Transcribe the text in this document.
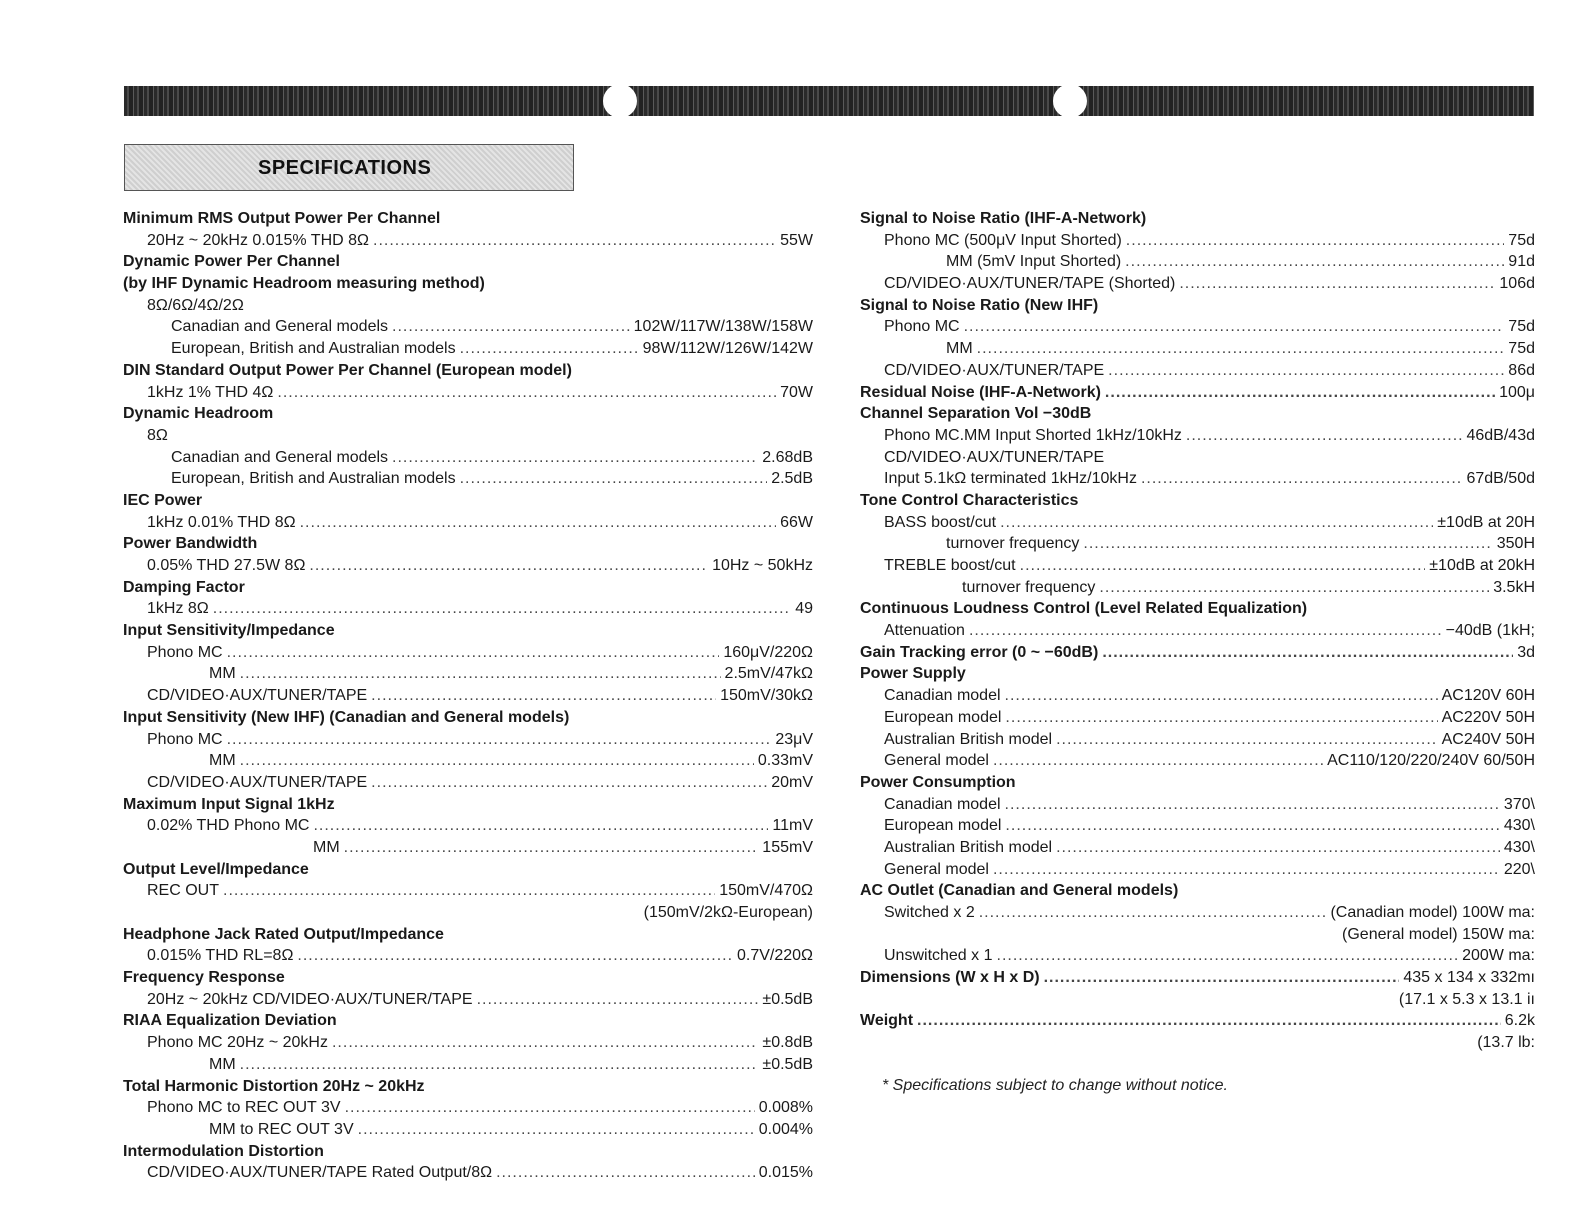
SPECIFICATIONS
Minimum RMS Output Power Per Channel
20Hz ~ 20kHz 0.015% THD 8Ω .....	55W
Dynamic Power Per Channel
(by IHF Dynamic Headroom measuring method)
8Ω/6Ω/4Ω/2Ω
Canadian and General models .....	102W/117W/138W/158W
European, British and Australian models .....	98W/112W/126W/142W
DIN Standard Output Power Per Channel (European model)
1kHz 1% THD 4Ω .....	70W
Dynamic Headroom
8Ω
Canadian and General models .....	2.68dB
European, British and Australian models .....	2.5dB
IEC Power
1kHz 0.01% THD 8Ω .....	66W
Power Bandwidth
0.05% THD 27.5W 8Ω .....	10Hz ~ 50kHz
Damping Factor
1kHz 8Ω .....	49
Input Sensitivity/Impedance
Phono MC .....	160μV/220Ω
MM .....	2.5mV/47kΩ
CD/VIDEO·AUX/TUNER/TAPE .....	150mV/30kΩ
Input Sensitivity (New IHF) (Canadian and General models)
Phono MC .....	23μV
MM .....	0.33mV
CD/VIDEO·AUX/TUNER/TAPE .....	20mV
Maximum Input Signal 1kHz
0.02% THD Phono MC .....	11mV
MM .....	155mV
Output Level/Impedance
REC OUT .....	150mV/470Ω
(150mV/2kΩ-European)
Headphone Jack Rated Output/Impedance
0.015% THD RL=8Ω .....	0.7V/220Ω
Frequency Response
20Hz ~ 20kHz CD/VIDEO·AUX/TUNER/TAPE .....	±0.5dB
RIAA Equalization Deviation
Phono MC 20Hz ~ 20kHz .....	±0.8dB
MM .....	±0.5dB
Total Harmonic Distortion 20Hz ~ 20kHz
Phono MC to REC OUT 3V .....	0.008%
MM to REC OUT 3V .....	0.004%
Intermodulation Distortion
CD/VIDEO·AUX/TUNER/TAPE Rated Output/8Ω .....	0.015%
Signal to Noise Ratio (IHF-A-Network)
Phono MC (500μV Input Shorted) .....	75d
MM (5mV Input Shorted) .....	91d
CD/VIDEO·AUX/TUNER/TAPE (Shorted) .....	106d
Signal to Noise Ratio (New IHF)
Phono MC .....	75d
MM .....	75d
CD/VIDEO·AUX/TUNER/TAPE .....	86d
Residual Noise (IHF-A-Network) .....	100μ
Channel Separation Vol −30dB
Phono MC.MM Input Shorted 1kHz/10kHz .....	46dB/43d
CD/VIDEO·AUX/TUNER/TAPE
Input 5.1kΩ terminated 1kHz/10kHz .....	67dB/50d
Tone Control Characteristics
BASS boost/cut .....	±10dB at 20H
turnover frequency .....	350H
TREBLE boost/cut .....	±10dB at 20kH
turnover frequency .....	3.5kH
Continuous Loudness Control (Level Related Equalization)
Attenuation .....	−40dB (1kH;
Gain Tracking error (0 ~ −60dB) .....	3d
Power Supply
Canadian model .....	AC120V 60H
European model .....	AC220V 50H
Australian British model .....	AC240V 50H
General model .....	AC110/120/220/240V 60/50H
Power Consumption
Canadian model .....	370\
European model .....	430\
Australian British model .....	430\
General model .....	220\
AC Outlet (Canadian and General models)
Switched x 2 .....	(Canadian model) 100W ma:
(General model) 150W ma:
Unswitched x 1 .....	200W ma:
Dimensions (W x H x D) .....	435 x 134 x 332mı
(17.1 x 5.3 x 13.1 iı
Weight .....	6.2k
(13.7 lb:
* Specifications subject to change without notice.
